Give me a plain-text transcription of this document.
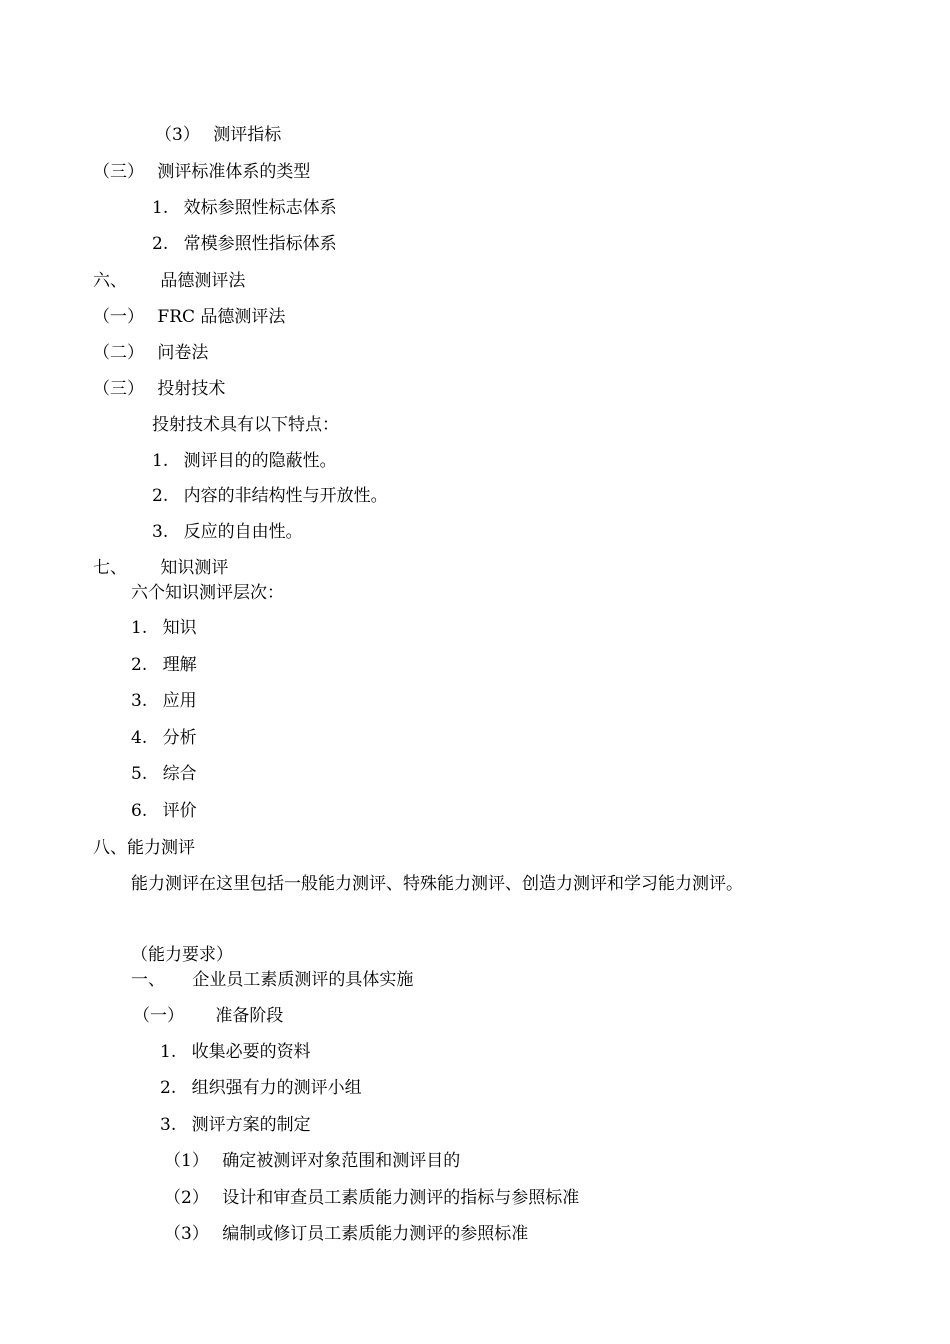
（3） 测评指标
（三） 测评标准体系的类型
1. 效标参照性标志体系
2. 常模参照性指标体系
六、 品德测评法
（一） FRC 品德测评法
（二） 问卷法
（三） 投射技术
投射技术具有以下特点：
1. 测评目的的隐蔽性。
2. 内容的非结构性与开放性。
3. 反应的自由性。
七、 知识测评
六个知识测评层次：
1. 知识
2. 理解
3. 应用
4. 分析
5. 综合
6. 评价
八、能力测评
能力测评在这里包括一般能力测评、特殊能力测评、创造力测评和学习能力测评。
（能力要求）
一、 企业员工素质测评的具体实施
（一） 准备阶段
1. 收集必要的资料
2. 组织强有力的测评小组
3. 测评方案的制定
（1） 确定被测评对象范围和测评目的
（2） 设计和审查员工素质能力测评的指标与参照标准
（3） 编制或修订员工素质能力测评的参照标准
